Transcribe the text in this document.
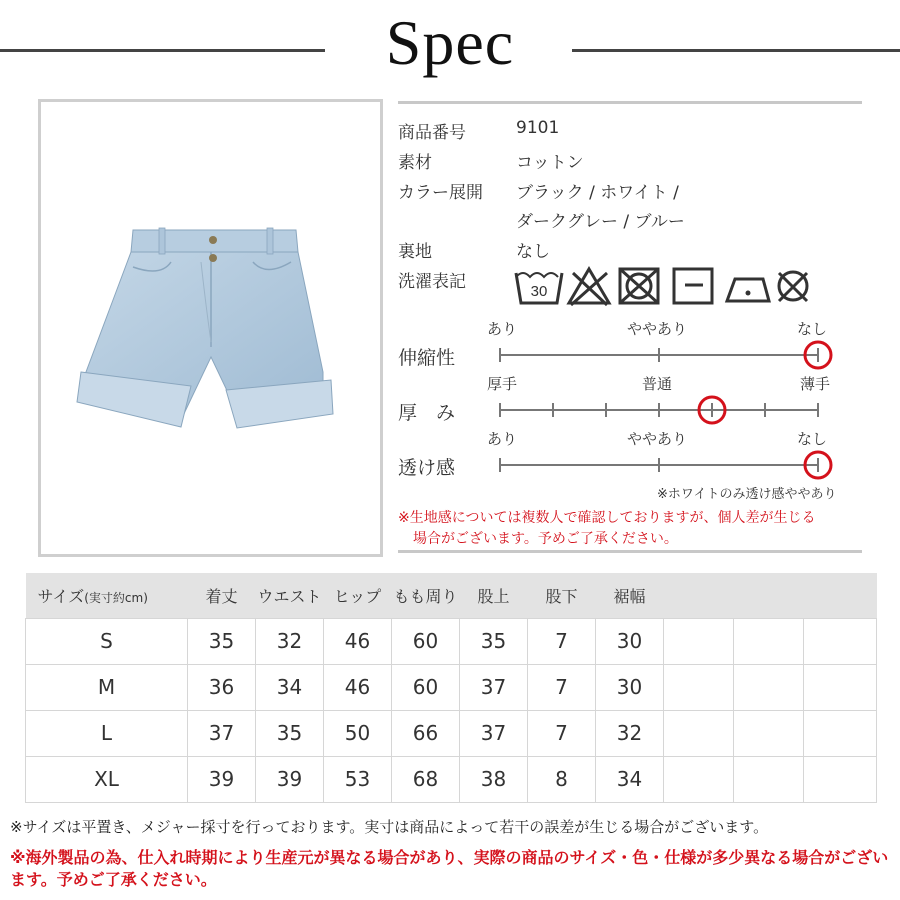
Spec
商品番号	9101
素材	コットン
カラー展開 ブラック / ホワイト /
ダークグレー / ブルー
裏地	なし
洗濯表記	30
あり	ややあり	なし
伸縮性
厚手	普通	薄手
厚　み
あり	ややあり	なし
透け感
※ホワイトのみ透け感ややあり
※生地感については複数人で確認しておりますが、個人差が生じる
場合がございます。予めご了承ください。
サイズ(実寸約cm)	着丈	ウエスト	ヒップ	もも周り	股上	股下	裾幅			
S	35	32	46	60	35	7	30			
M	36	34	46	60	37	7	30			
L	37	35	50	66	37	7	32			
XL	39	39	53	68	38	8	34			
※サイズは平置き、メジャー採寸を行っております。実寸は商品によって若干の誤差が生じる場合がございます。
※海外製品の為、仕入れ時期により生産元が異なる場合があり、実際の商品のサイズ・色・仕様が多少異なる場合がございます。予めご了承ください。
